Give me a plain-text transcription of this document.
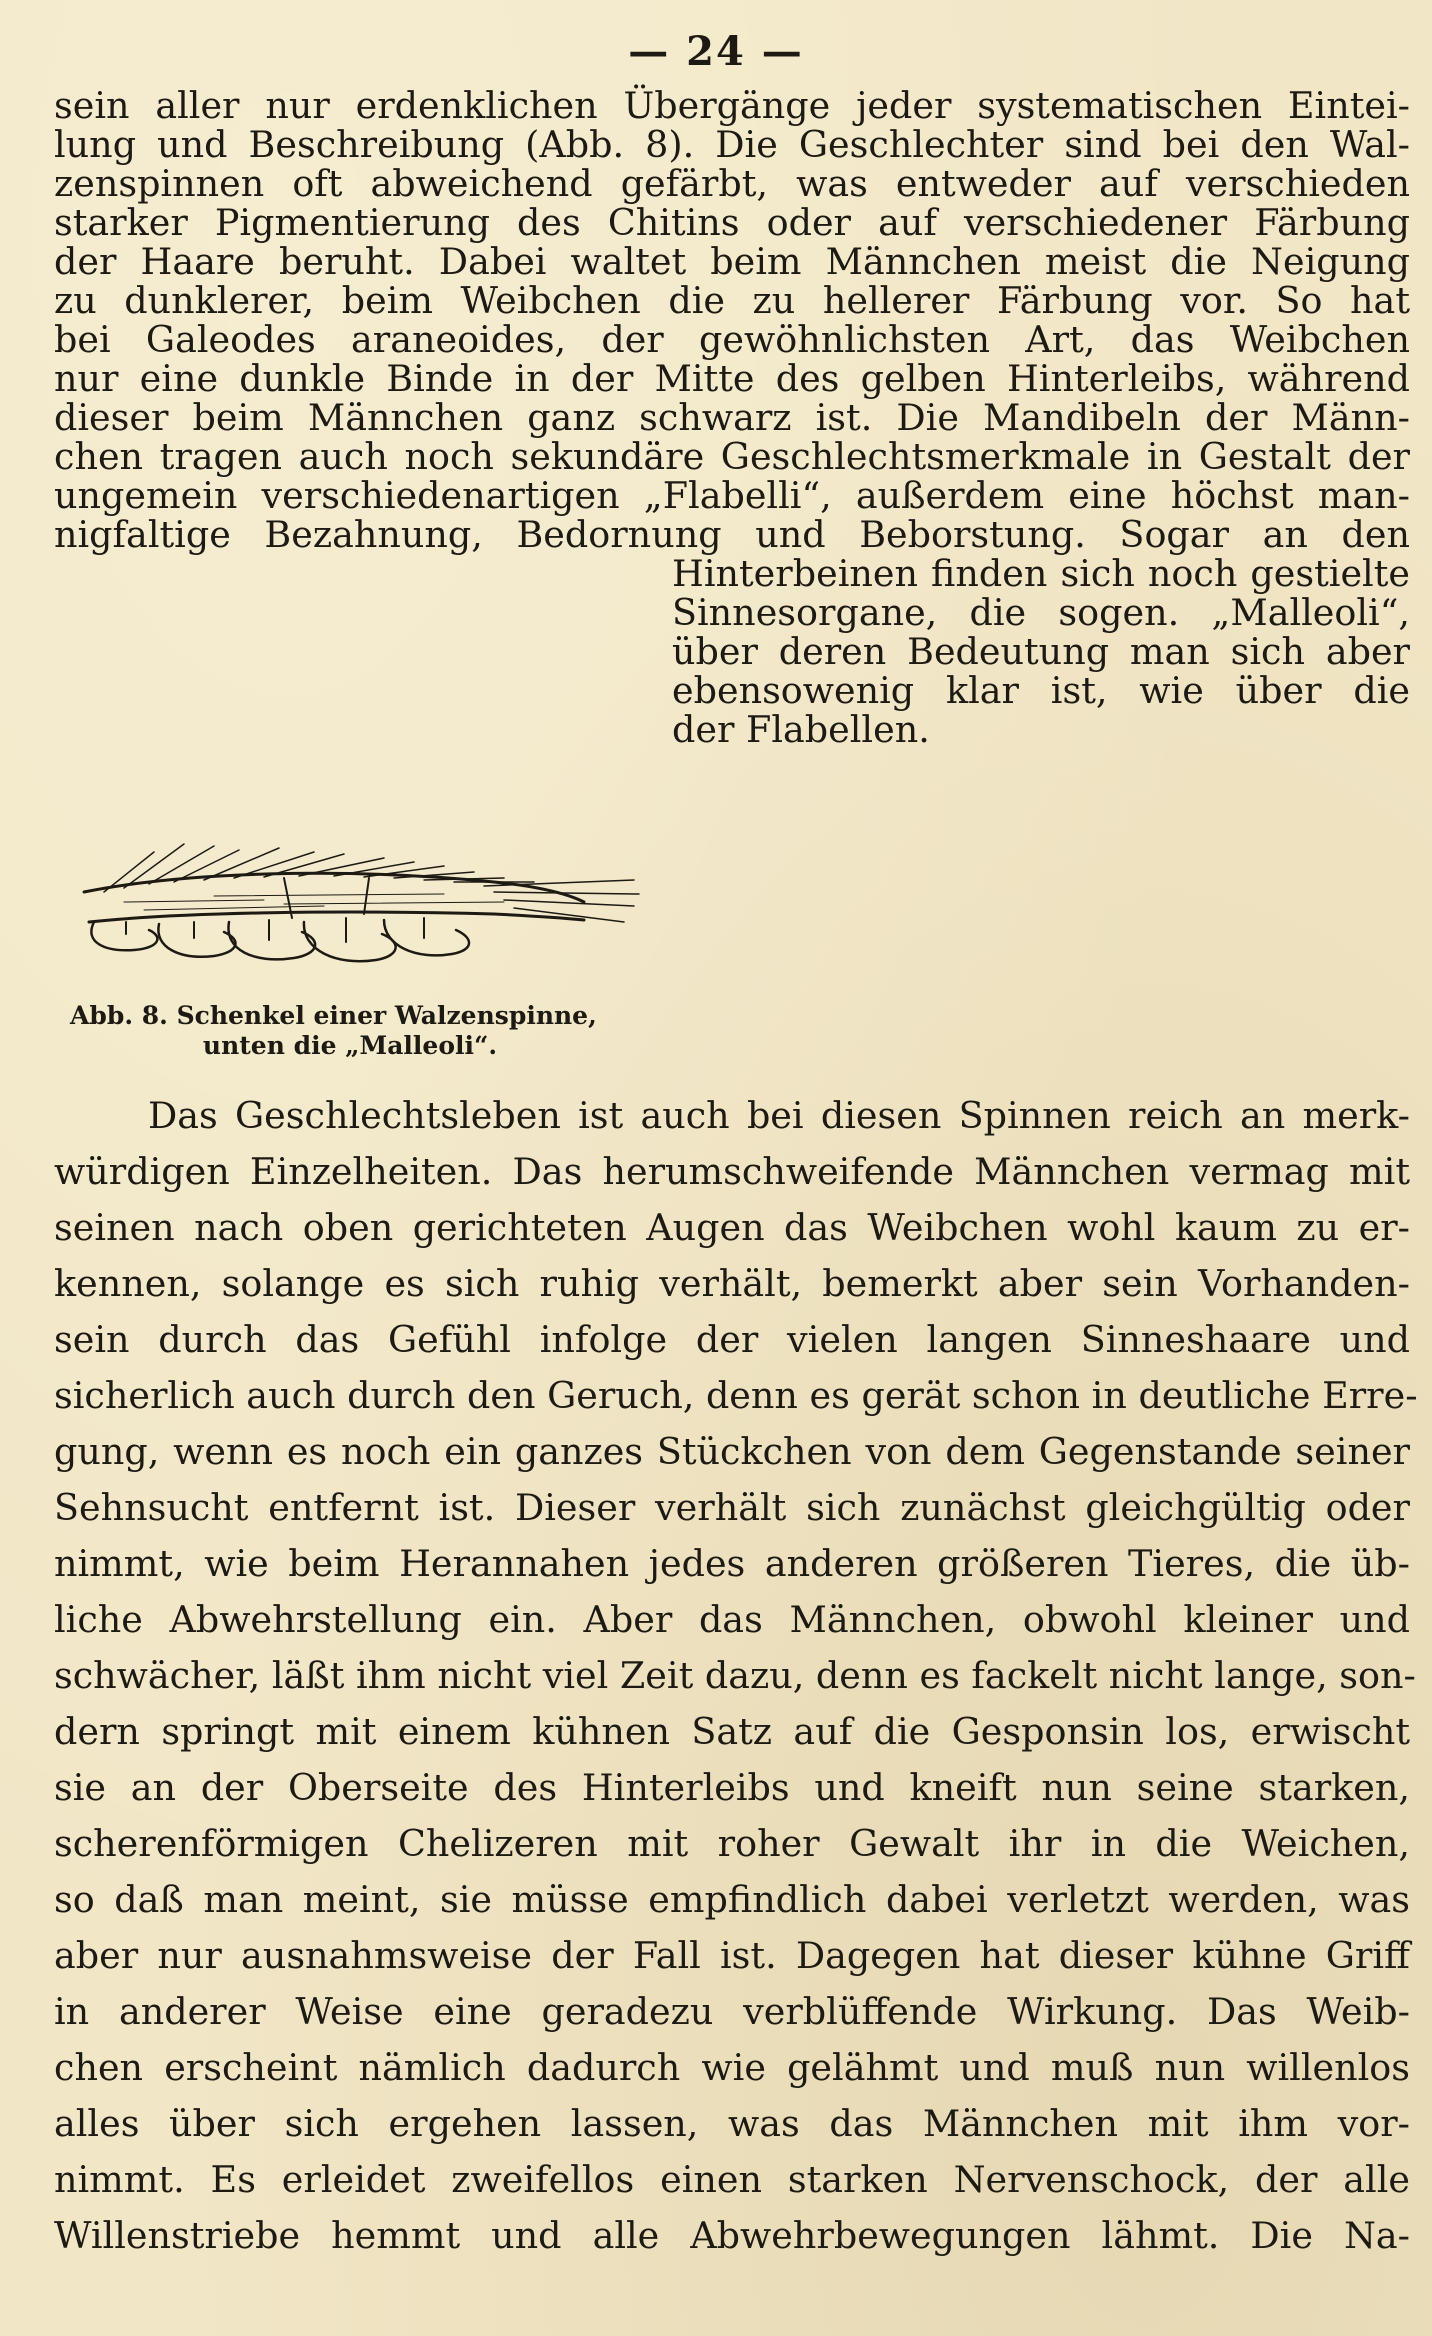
— 24 —
sein aller nur erdenklichen Übergänge jeder systematischen Eintei-
lung und Beschreibung (Abb. 8). Die Geschlechter sind bei den Wal-
zenspinnen oft abweichend gefärbt, was entweder auf verschieden
starker Pigmentierung des Chitins oder auf verschiedener Färbung
der Haare beruht. Dabei waltet beim Männchen meist die Neigung
zu dunklerer, beim Weibchen die zu hellerer Färbung vor. So hat
bei Galeodes araneoides, der gewöhnlichsten Art, das Weibchen
nur eine dunkle Binde in der Mitte des gelben Hinterleibs, während
dieser beim Männchen ganz schwarz ist. Die Mandibeln der Männ-
chen tragen auch noch sekundäre Geschlechtsmerkmale in Gestalt der
ungemein verschiedenartigen „Flabelli“, außerdem eine höchst man-
nigfaltige Bezahnung, Bedornung und Beborstung. Sogar an den
Abb. 8. Schenkel einer Walzenspinne,
unten die „Malleoli“.
Hinterbeinen finden sich noch gestielte
Sinnesorgane, die sogen. „Malleoli“,
über deren Bedeutung man sich aber
ebensowenig klar ist, wie über die
der Flabellen.
Das Geschlechtsleben ist auch bei diesen Spinnen reich an merk-
würdigen Einzelheiten. Das herumschweifende Männchen vermag mit
seinen nach oben gerichteten Augen das Weibchen wohl kaum zu er-
kennen, solange es sich ruhig verhält, bemerkt aber sein Vorhanden-
sein durch das Gefühl infolge der vielen langen Sinneshaare und
sicherlich auch durch den Geruch, denn es gerät schon in deutliche Erre-
gung, wenn es noch ein ganzes Stückchen von dem Gegenstande seiner
Sehnsucht entfernt ist. Dieser verhält sich zunächst gleichgültig oder
nimmt, wie beim Herannahen jedes anderen größeren Tieres, die üb-
liche Abwehrstellung ein. Aber das Männchen, obwohl kleiner und
schwächer, läßt ihm nicht viel Zeit dazu, denn es fackelt nicht lange, son-
dern springt mit einem kühnen Satz auf die Gesponsin los, erwischt
sie an der Oberseite des Hinterleibs und kneift nun seine starken,
scherenförmigen Chelizeren mit roher Gewalt ihr in die Weichen,
so daß man meint, sie müsse empfindlich dabei verletzt werden, was
aber nur ausnahmsweise der Fall ist. Dagegen hat dieser kühne Griff
in anderer Weise eine geradezu verblüffende Wirkung. Das Weib-
chen erscheint nämlich dadurch wie gelähmt und muß nun willenlos
alles über sich ergehen lassen, was das Männchen mit ihm vor-
nimmt. Es erleidet zweifellos einen starken Nervenschock, der alle
Willenstriebe hemmt und alle Abwehrbewegungen lähmt. Die Na-
